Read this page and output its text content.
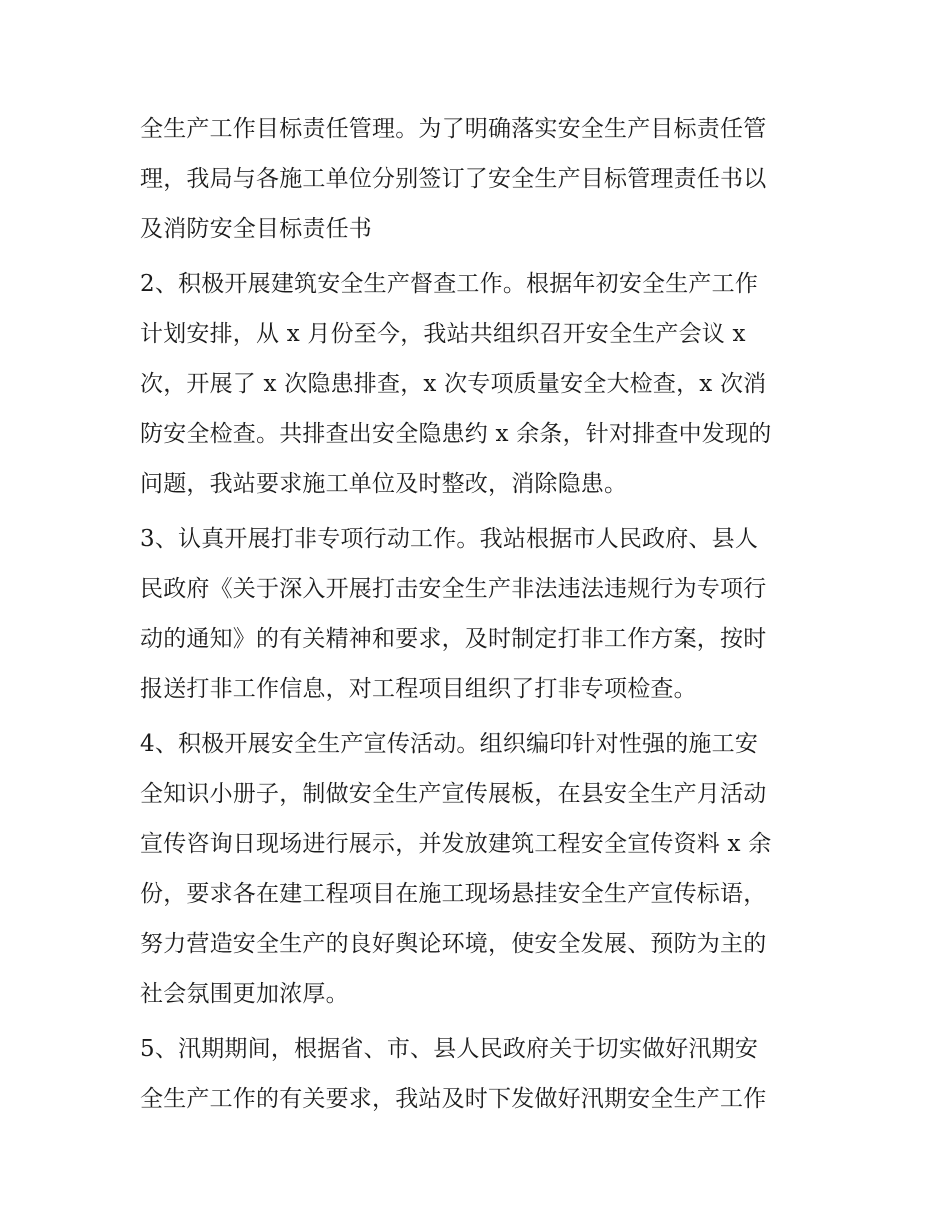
全生产工作目标责任管理。为了明确落实安全生产目标责任管
理，我局与各施工单位分别签订了安全生产目标管理责任书以
及消防安全目标责任书
2、积极开展建筑安全生产督查工作。根据年初安全生产工作
计划安排，从 x 月份至今，我站共组织召开安全生产会议 x
次，开展了 x 次隐患排查，x 次专项质量安全大检查，x 次消
防安全检查。共排查出安全隐患约 x 余条，针对排查中发现的
问题，我站要求施工单位及时整改，消除隐患。
3、认真开展打非专项行动工作。我站根据市人民政府、县人
民政府《关于深入开展打击安全生产非法违法违规行为专项行
动的通知》的有关精神和要求，及时制定打非工作方案，按时
报送打非工作信息，对工程项目组织了打非专项检查。
4、积极开展安全生产宣传活动。组织编印针对性强的施工安
全知识小册子，制做安全生产宣传展板，在县安全生产月活动
宣传咨询日现场进行展示，并发放建筑工程安全宣传资料 x 余
份，要求各在建工程项目在施工现场悬挂安全生产宣传标语，
努力营造安全生产的良好舆论环境，使安全发展、预防为主的
社会氛围更加浓厚。
5、汛期期间，根据省、市、县人民政府关于切实做好汛期安
全生产工作的有关要求，我站及时下发做好汛期安全生产工作
